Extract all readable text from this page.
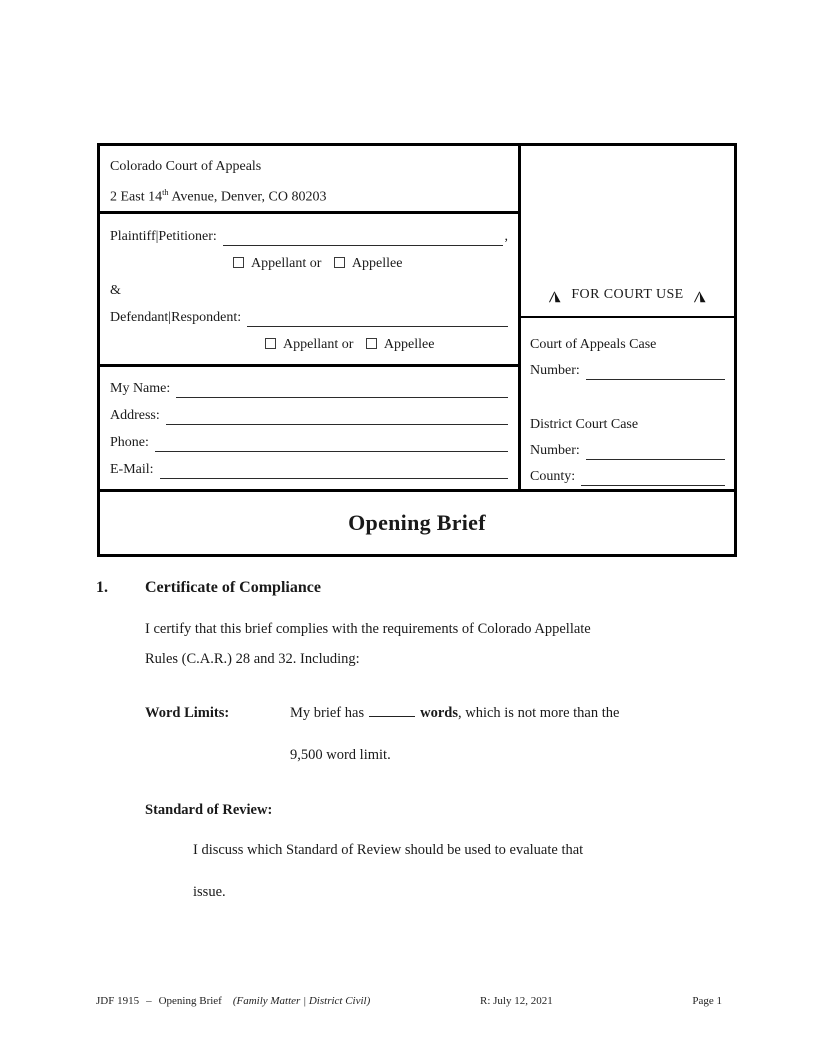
Colorado Court of Appeals
2 East 14th Avenue, Denver, CO 80203
Plaintiff|Petitioner:	,
Appellant or Appellee
&
Defendant|Respondent:
Appellant or Appellee
My Name:
Address:
Phone:
E-Mail:
FOR COURT USE
Court of Appeals Case
Number:
District Court Case
Number:
County:
Opening Brief
1.	Certificate of Compliance
I certify that this brief complies with the requirements of Colorado Appellate
Rules (C.A.R.) 28 and 32. Including:
Word Limits:	My brief has	words, which is not more than the
9,500 word limit.
Standard of Review:
I discuss which Standard of Review should be used to evaluate that
issue.
JDF 1915 – Opening Brief (Family Matter | District Civil)	R: July 12, 2021	Page 1
